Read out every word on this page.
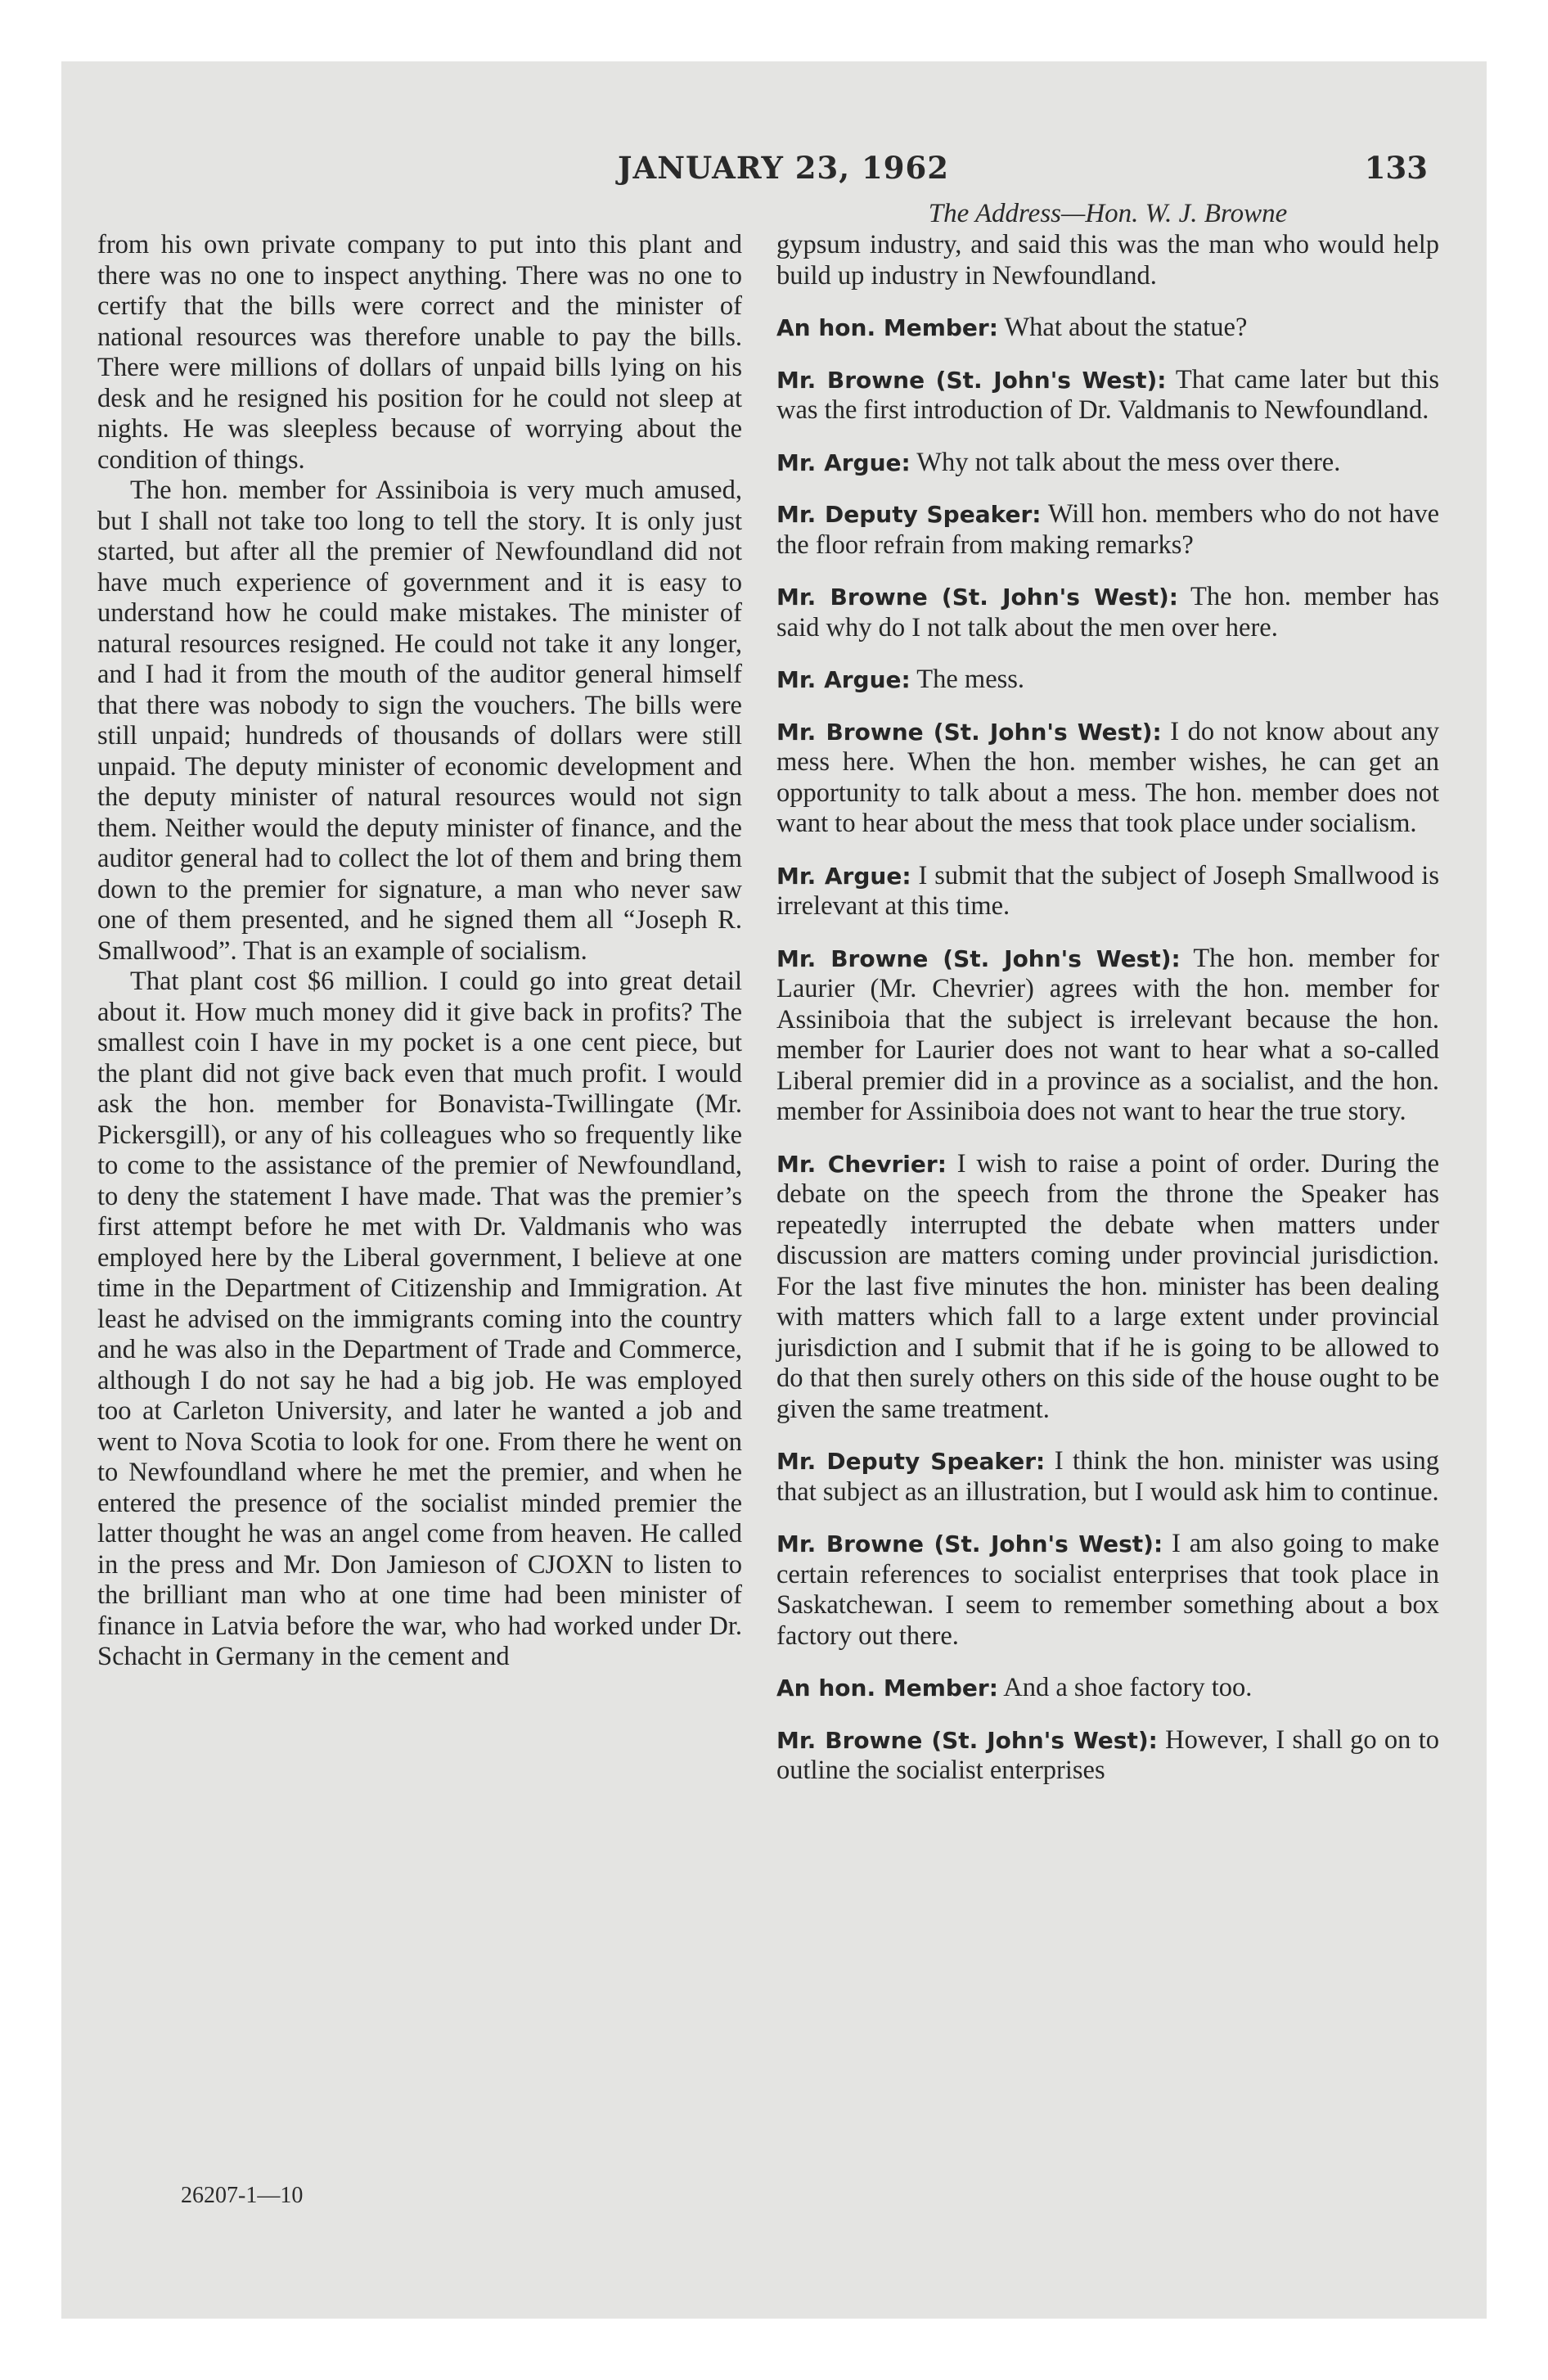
JANUARY 23, 1962	133
The Address—Hon. W. J. Browne

from his own private company to put into this plant and there was no one to inspect anything. There was no one to certify that the bills were correct and the minister of national resources was therefore unable to pay the bills. There were millions of dollars of unpaid bills lying on his desk and he resigned his position for he could not sleep at nights. He was sleepless because of worrying about the condition of things.

The hon. member for Assiniboia is very much amused, but I shall not take too long to tell the story. It is only just started, but after all the premier of Newfoundland did not have much experience of government and it is easy to understand how he could make mistakes. The minister of natural resources resigned. He could not take it any longer, and I had it from the mouth of the auditor general himself that there was nobody to sign the vouchers. The bills were still unpaid; hundreds of thousands of dollars were still unpaid. The deputy minister of economic development and the deputy minister of natural resources would not sign them. Neither would the deputy minister of finance, and the auditor general had to collect the lot of them and bring them down to the premier for signature, a man who never saw one of them presented, and he signed them all “Joseph R. Smallwood”. That is an example of socialism.

That plant cost $6 million. I could go into great detail about it. How much money did it give back in profits? The smallest coin I have in my pocket is a one cent piece, but the plant did not give back even that much profit. I would ask the hon. member for Bonavista-Twillingate (Mr. Pickersgill), or any of his colleagues who so frequently like to come to the assistance of the premier of Newfoundland, to deny the statement I have made. That was the premier’s first attempt before he met with Dr. Valdmanis who was employed here by the Liberal government, I believe at one time in the Department of Citizenship and Immigration. At least he advised on the immigrants coming into the country and he was also in the Department of Trade and Commerce, although I do not say he had a big job. He was employed too at Carleton University, and later he wanted a job and went to Nova Scotia to look for one. From there he went on to Newfoundland where he met the premier, and when he entered the presence of the socialist minded premier the latter thought he was an angel come from heaven. He called in the press and Mr. Don Jamieson of CJOXN to listen to the brilliant man who at one time had been minister of finance in Latvia before the war, who had worked under Dr. Schacht in Germany in the cement and

gypsum industry, and said this was the man who would help build up industry in Newfoundland.

An hon. Member: What about the statue?

Mr. Browne (St. John's West): That came later but this was the first introduction of Dr. Valdmanis to Newfoundland.

Mr. Argue: Why not talk about the mess over there.

Mr. Deputy Speaker: Will hon. members who do not have the floor refrain from making remarks?

Mr. Browne (St. John's West): The hon. member has said why do I not talk about the men over here.

Mr. Argue: The mess.

Mr. Browne (St. John's West): I do not know about any mess here. When the hon. member wishes, he can get an opportunity to talk about a mess. The hon. member does not want to hear about the mess that took place under socialism.

Mr. Argue: I submit that the subject of Joseph Smallwood is irrelevant at this time.

Mr. Browne (St. John's West): The hon. member for Laurier (Mr. Chevrier) agrees with the hon. member for Assiniboia that the subject is irrelevant because the hon. member for Laurier does not want to hear what a so-called Liberal premier did in a province as a socialist, and the hon. member for Assiniboia does not want to hear the true story.

Mr. Chevrier: I wish to raise a point of order. During the debate on the speech from the throne the Speaker has repeatedly interrupted the debate when matters under discussion are matters coming under provincial jurisdiction. For the last five minutes the hon. minister has been dealing with matters which fall to a large extent under provincial jurisdiction and I submit that if he is going to be allowed to do that then surely others on this side of the house ought to be given the same treatment.

Mr. Deputy Speaker: I think the hon. minister was using that subject as an illustration, but I would ask him to continue.

Mr. Browne (St. John's West): I am also going to make certain references to socialist enterprises that took place in Saskatchewan. I seem to remember something about a box factory out there.

An hon. Member: And a shoe factory too.

Mr. Browne (St. John's West): However, I shall go on to outline the socialist enterprises

26207-1—10
